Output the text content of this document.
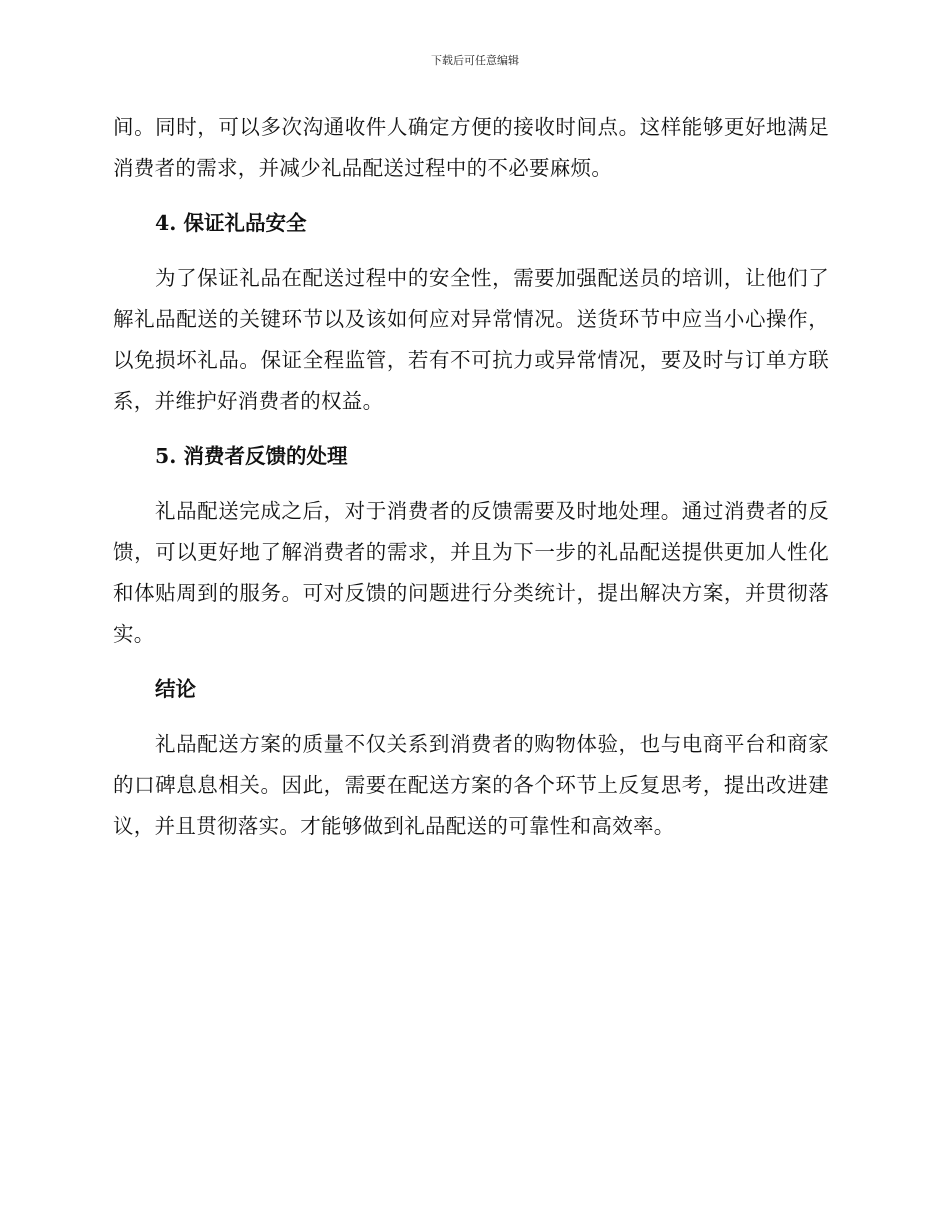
下载后可任意编辑

间。同时，可以多次沟通收件人确定方便的接收时间点。这样能够更好地满足消费者的需求，并减少礼品配送过程中的不必要麻烦。

4. 保证礼品安全

为了保证礼品在配送过程中的安全性，需要加强配送员的培训，让他们了解礼品配送的关键环节以及该如何应对异常情况。送货环节中应当小心操作，以免损坏礼品。保证全程监管，若有不可抗力或异常情况，要及时与订单方联系，并维护好消费者的权益。

5. 消费者反馈的处理

礼品配送完成之后，对于消费者的反馈需要及时地处理。通过消费者的反馈，可以更好地了解消费者的需求，并且为下一步的礼品配送提供更加人性化和体贴周到的服务。可对反馈的问题进行分类统计，提出解决方案，并贯彻落实。

结论

礼品配送方案的质量不仅关系到消费者的购物体验，也与电商平台和商家的口碑息息相关。因此，需要在配送方案的各个环节上反复思考，提出改进建议，并且贯彻落实。才能够做到礼品配送的可靠性和高效率。
